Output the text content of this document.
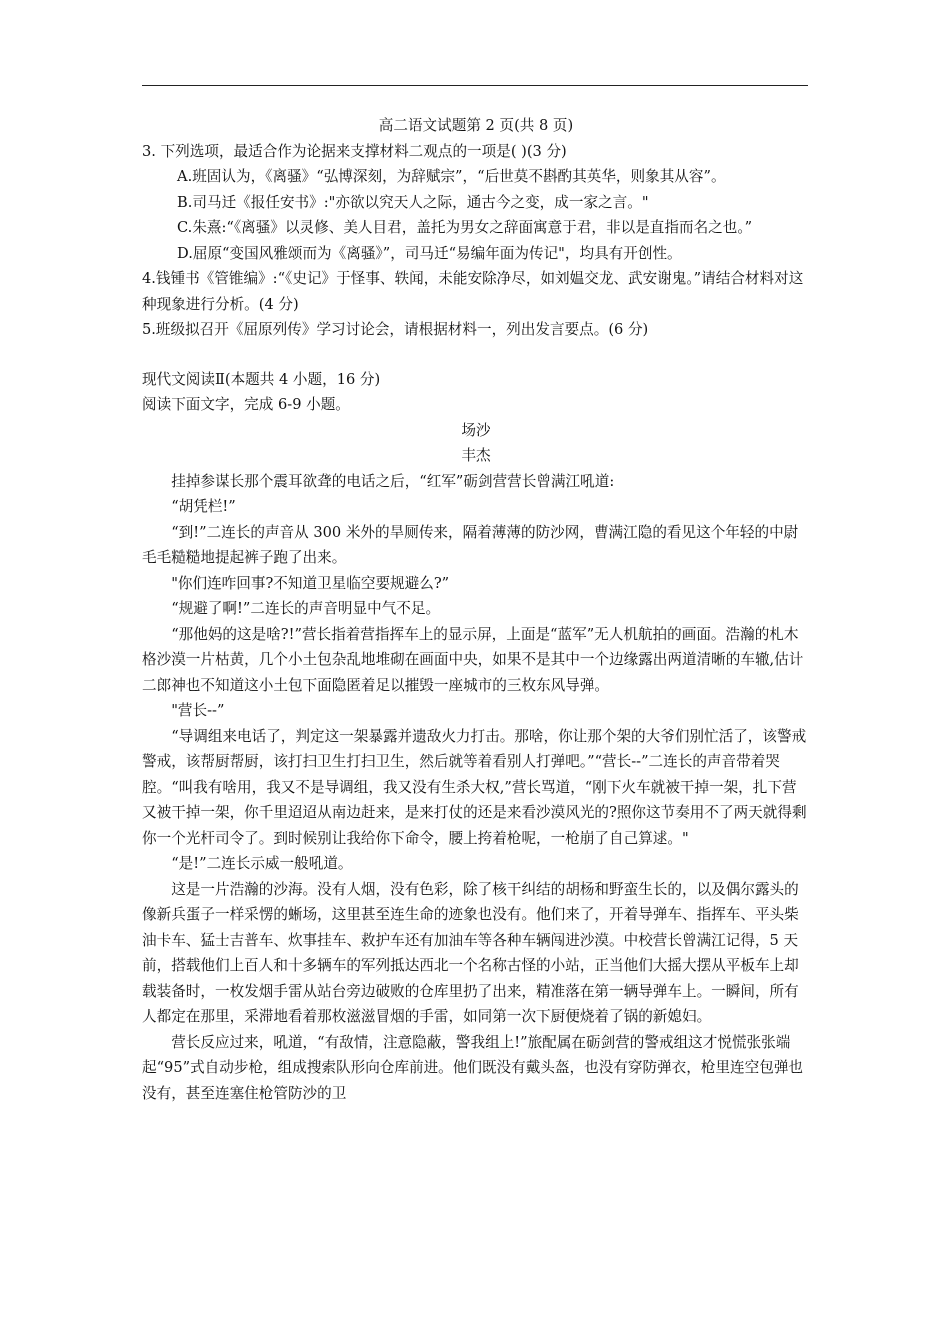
高二语文试题第 2 页(共 8 页)

3. 下列选项，最适合作为论据来支撑材料二观点的一项是( )(3 分)

A.班固认为，《离骚》“弘博深刻，为辞赋宗”，“后世莫不斟酌其英华，则象其从容”。

B.司马迁《报任安书》:"亦欲以究天人之际，通古今之变，成一家之言。"

C.朱熹:“《离骚》以灵修、美人目君，盖托为男女之辞面寓意于君，非以是直指而名之也。”

D.屈原“变国风雅颂而为《离骚》”，司马迁“易编年面为传记"，均具有开创性。

4.钱锺书《管锥编》:“《史记》于怪事、轶闻，未能安除净尽，如刘媪交龙、武安谢鬼。”请结合材料对这种现象进行分析。(4 分)

5.班级拟召开《屈原列传》学习讨论会，请根据材料一，列出发言要点。(6 分)

现代文阅读Ⅱ(本题共 4 小题，16 分)

阅读下面文字，完成 6-9 小题。

场沙

丰杰

挂掉参谋长那个震耳欲聋的电话之后，“红军”砺剑营营长曾满江吼道:

“胡凭栏!”

“到!”二连长的声音从 300 米外的旱厕传来，隔着薄薄的防沙网，曹满江隐的看见这个年轻的中尉毛毛糙糙地提起裤子跑了出来。

"你们连咋回事?不知道卫星临空要规避么?”

“规避了啊!”二连长的声音明显中气不足。

“那他妈的这是啥?!”营长指着营指挥车上的显示屏，上面是“蓝军”无人机航拍的画面。浩瀚的札木格沙漠一片枯黄，几个小土包杂乱地堆砌在画面中央，如果不是其中一个边缘露出两道清晰的车辙,估计二郎神也不知道这小土包下面隐匿着足以摧毁一座城市的三枚东风导弹。

"营长--”

“导调组来电话了，判定这一架暴露并遗敌火力打击。那啥，你让那个架的大爷们别忙活了，该警戒警戒，该帮厨帮厨，该打扫卫生打扫卫生，然后就等着看别人打弹吧。”“营长--”二连长的声音带着哭腔。“叫我有啥用，我又不是导调组，我又没有生杀大权,”营长骂道，“刚下火车就被干掉一架，扎下营又被干掉一架，你千里迢迢从南边赶来，是来打仗的还是来看沙漠风光的?照你这节奏用不了两天就得剩你一个光杆司令了。到时候别让我给你下命令，腰上挎着枪呢，一枪崩了自己算逑。"

“是!”二连长示威一般吼道。

这是一片浩瀚的沙海。没有人烟，没有色彩，除了核干纠结的胡杨和野蛮生长的，以及偶尔露头的像新兵蛋子一样采愣的蜥场，这里甚至连生命的迹象也没有。他们来了，开着导弹车、指挥车、平头柴油卡车、猛士吉普车、炊事挂车、救护车还有加油车等各种车辆闯进沙漠。中校营长曾满江记得，5 天前，搭载他们上百人和十多辆车的军列抵达西北一个名称古怪的小站，正当他们大摇大摆从平板车上却载装备时，一枚发烟手雷从站台旁边破败的仓库里扔了出来，精准落在第一辆导弹车上。一瞬间，所有人都定在那里，采滞地看着那枚滋滋冒烟的手雷，如同第一次下厨便烧着了锅的新媳妇。

营长反应过来，吼道，“有敌情，注意隐蔽，警我组上!”旅配属在砺剑营的警戒组这才悦慌张张端起“95”式自动步枪，组成搜索队形向仓库前进。他们既没有戴头盔，也没有穿防弹衣，枪里连空包弹也没有，甚至连塞住枪管防沙的卫
